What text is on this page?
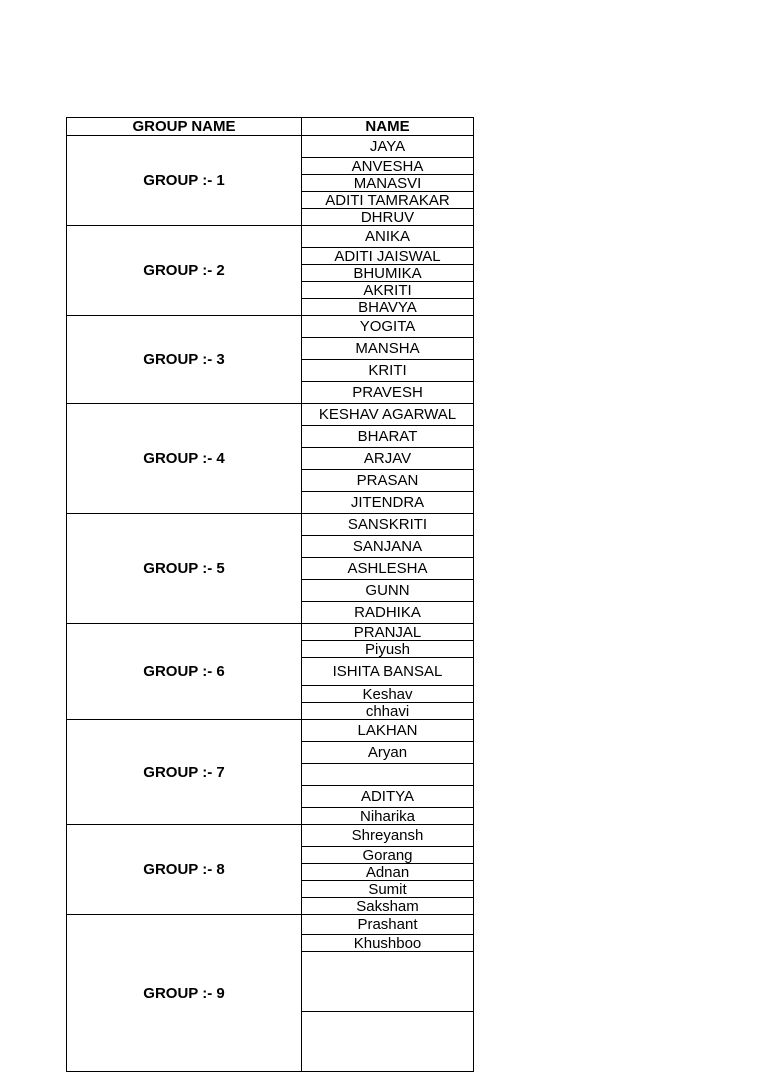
GROUP NAME	NAME
GROUP :- 1	JAYA
	ANVESHA
	MANASVI
	ADITI TAMRAKAR
	DHRUV
GROUP :- 2	ANIKA
	ADITI JAISWAL
	BHUMIKA
	AKRITI
	BHAVYA
GROUP :- 3	YOGITA
	MANSHA
	KRITI
	PRAVESH
GROUP :- 4	KESHAV AGARWAL
	BHARAT
	ARJAV
	PRASAN
	JITENDRA
GROUP :- 5	SANSKRITI
	SANJANA
	ASHLESHA
	GUNN
	RADHIKA
GROUP :- 6	PRANJAL
	Piyush
	ISHITA BANSAL
	Keshav
	chhavi
GROUP :- 7	LAKHAN
	Aryan

	ADITYA
	Niharika
GROUP :- 8	Shreyansh
	Gorang
	Adnan
	Sumit
	Saksham
GROUP :- 9	Prashant
	Khushboo
